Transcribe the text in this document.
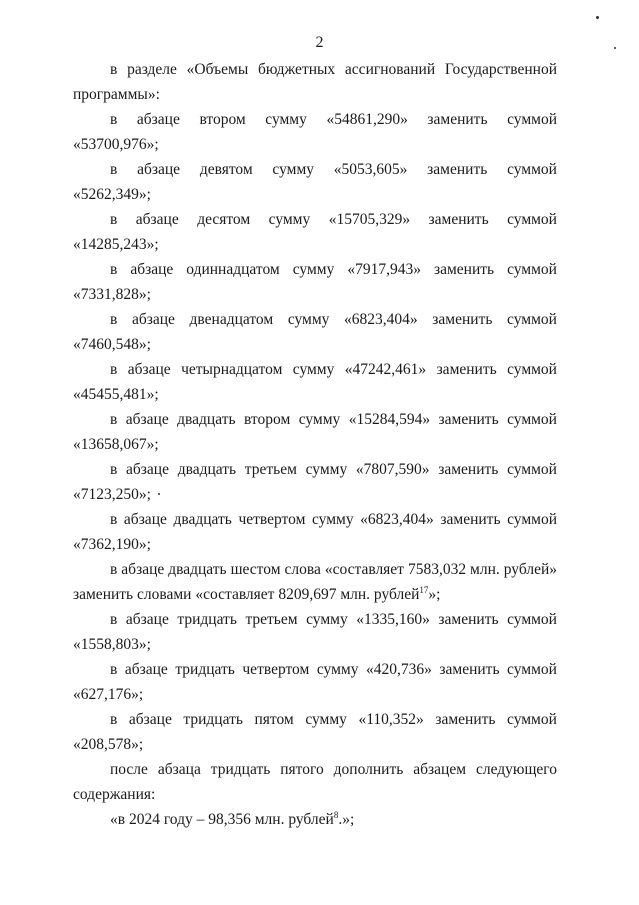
2
в разделе «Объемы бюджетных ассигнований Государственной
программы»:
в абзаце втором сумму «54861,290» заменить суммой
«53700,976»;
в абзаце девятом сумму «5053,605» заменить суммой
«5262,349»;
в абзаце десятом сумму «15705,329» заменить суммой
«14285,243»;
в абзаце одиннадцатом сумму «7917,943» заменить суммой
«7331,828»;
в абзаце двенадцатом сумму «6823,404» заменить суммой
«7460,548»;
в абзаце четырнадцатом сумму «47242,461» заменить суммой
«45455,481»;
в абзаце двадцать втором сумму «15284,594» заменить суммой
«13658,067»;
в абзаце двадцать третьем сумму «7807,590» заменить суммой
«7123,250»;
в абзаце двадцать четвертом сумму «6823,404» заменить суммой
«7362,190»;
в абзаце двадцать шестом слова «составляет 7583,032 млн. рублей»
заменить словами «составляет 8209,697 млн. рублей$^{17}$»;
в абзаце тридцать третьем сумму «1335,160» заменить суммой
«1558,803»;
в абзаце тридцать четвертом сумму «420,736» заменить суммой
«627,176»;
в абзаце тридцать пятом сумму «110,352» заменить суммой
«208,578»;
после абзаца тридцать пятого дополнить абзацем следующего
содержания:
«в 2024 году – 98,356 млн. рублей$^8$.»;
